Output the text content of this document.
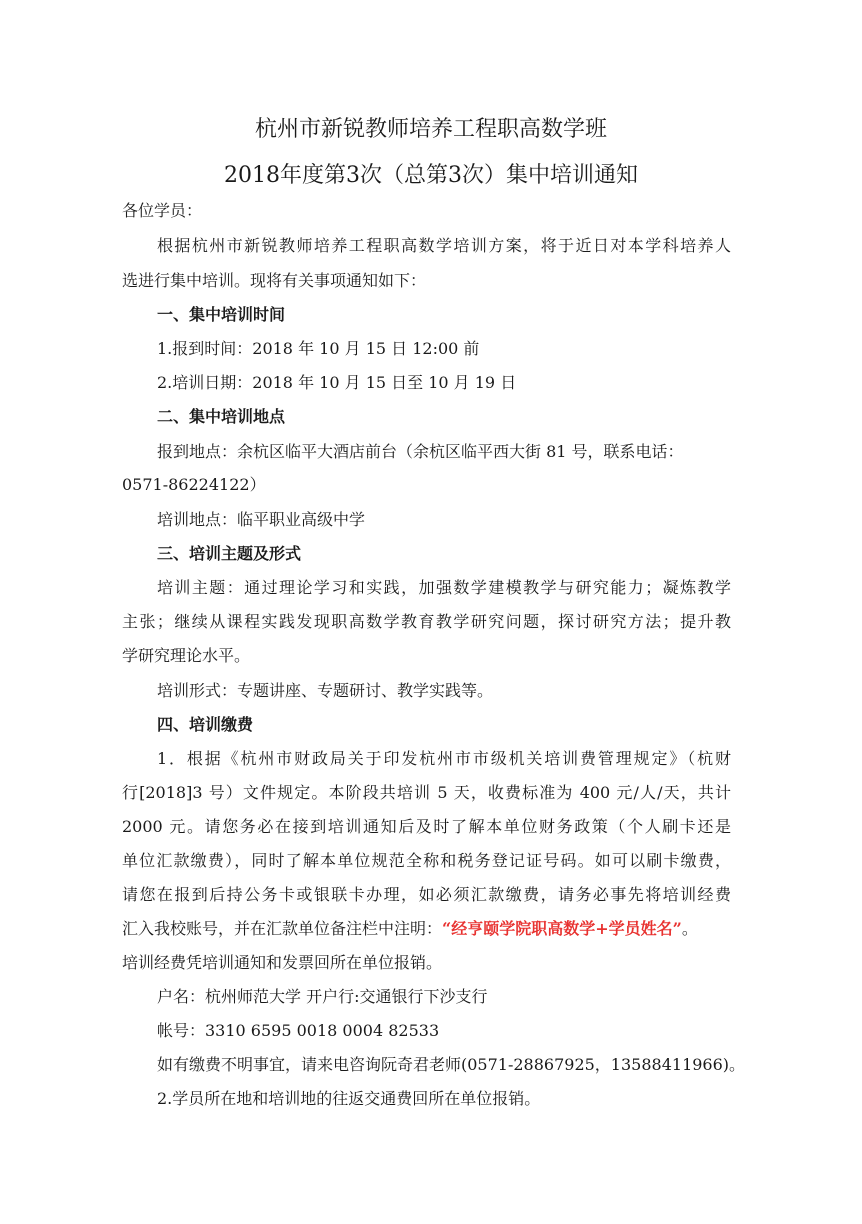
杭州市新锐教师培养工程职高数学班
2018年度第3次（总第3次）集中培训通知
各位学员：
根据杭州市新锐教师培养工程职高数学培训方案，将于近日对本学科培养人
选进行集中培训。现将有关事项通知如下：
一、集中培训时间
1.报到时间：2018 年 10 月 15 日 12:00 前
2.培训日期：2018 年 10 月 15 日至 10 月 19 日
二、集中培训地点
报到地点：余杭区临平大酒店前台（余杭区临平西大街 81 号，联系电话：
0571-86224122）
培训地点：临平职业高级中学
三、培训主题及形式
培训主题：通过理论学习和实践，加强数学建模教学与研究能力；凝炼教学
主张；继续从课程实践发现职高数学教育教学研究问题，探讨研究方法；提升教
学研究理论水平。
培训形式：专题讲座、专题研讨、教学实践等。
四、培训缴费
1．根据《杭州市财政局关于印发杭州市市级机关培训费管理规定》（杭财
行[2018]3 号）文件规定。本阶段共培训 5 天，收费标准为 400 元/人/天，共计
2000 元。请您务必在接到培训通知后及时了解本单位财务政策（个人刷卡还是
单位汇款缴费），同时了解本单位规范全称和税务登记证号码。如可以刷卡缴费，
请您在报到后持公务卡或银联卡办理，如必须汇款缴费，请务必事先将培训经费
汇入我校账号，并在汇款单位备注栏中注明：“经亨颐学院职高数学+学员姓名”。
培训经费凭培训通知和发票回所在单位报销。
户名：杭州师范大学 开户行:交通银行下沙支行
帐号：3310 6595 0018 0004 82533
如有缴费不明事宜，请来电咨询阮奇君老师(0571-28867925，13588411966)。
2.学员所在地和培训地的往返交通费回所在单位报销。
